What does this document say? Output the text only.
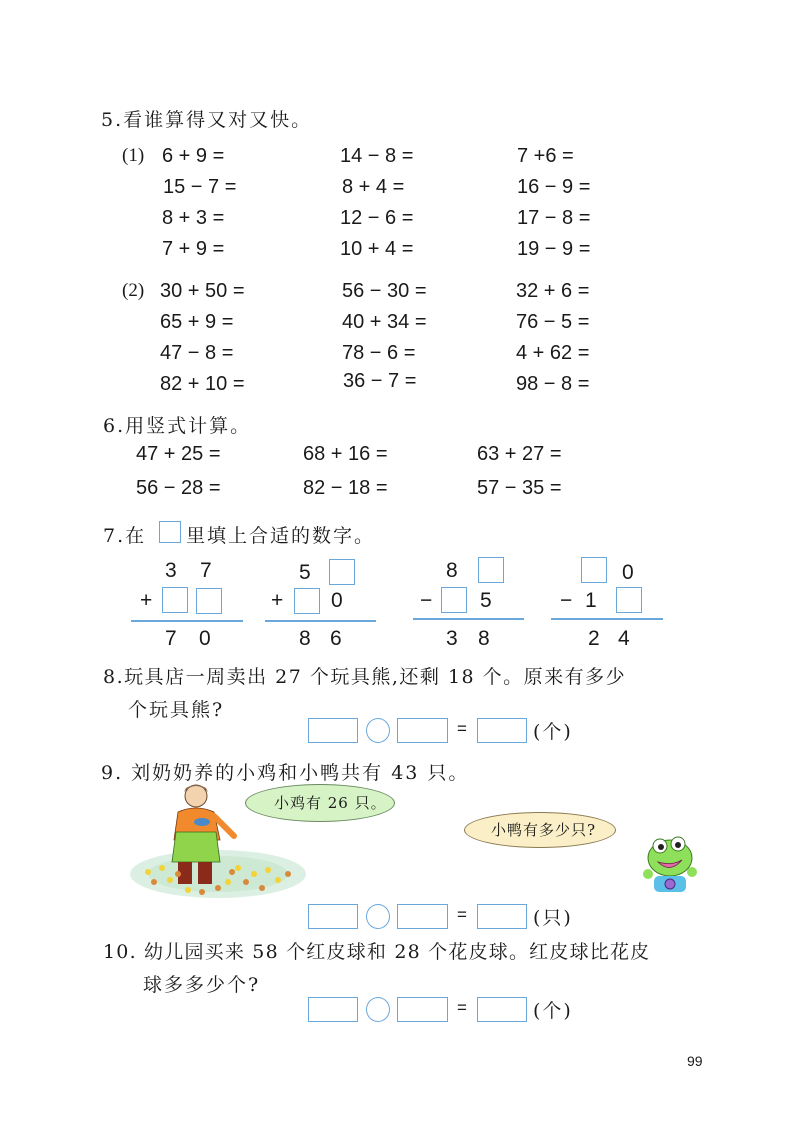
5.看谁算得又对又快。
(1) 6 + 9 =	14 − 8 =	7 +6 =
15 − 7 =	8 + 4 =	16 − 9 =
8 + 3 =	12 − 6 =	17 − 8 =
7 + 9 =	10 + 4 =	19 − 9 =
(2) 30 + 50 =	56 − 30 =	32 + 6 =
65 + 9 =	40 + 34 =	76 − 5 =
47 − 8 =	78 − 6 =	4 + 62 =
82 + 10 =	36 − 7 =	98 − 8 =
6.用竖式计算。
47 + 25 =	68 + 16 =	63 + 27 =
56 − 28 =	82 − 18 =	57 − 35 =
7.在 里填上合适的数字。
3 7
+
7 0
5
+ 0
8 6
8
− 5
3 8
0
− 1
2 4
8.玩具店一周卖出 27 个玩具熊,还剩 18 个。原来有多少
个玩具熊?
=	(个)
9. 刘奶奶养的小鸡和小鸭共有 43 只。
小鸡有 26 只。
小鸭有多少只?
=	(只)
10. 幼儿园买来 58 个红皮球和 28 个花皮球。红皮球比花皮
球多多少个?
=	(个)
99
